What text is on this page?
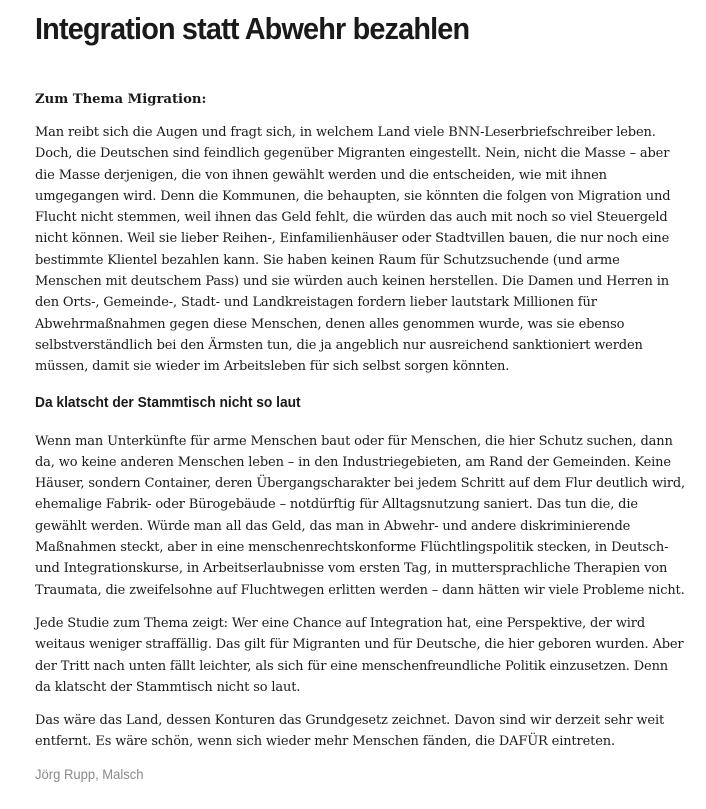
Integration statt Abwehr bezahlen
Zum Thema Migration:
Man reibt sich die Augen und fragt sich, in welchem Land viele BNN-Leserbriefschreiber leben.
Doch, die Deutschen sind feindlich gegenüber Migranten eingestellt. Nein, nicht die Masse – aber
die Masse derjenigen, die von ihnen gewählt werden und die entscheiden, wie mit ihnen
umgegangen wird. Denn die Kommunen, die behaupten, sie könnten die folgen von Migration und
Flucht nicht stemmen, weil ihnen das Geld fehlt, die würden das auch mit noch so viel Steuergeld
nicht können. Weil sie lieber Reihen-, Einfamilienhäuser oder Stadtvillen bauen, die nur noch eine
bestimmte Klientel bezahlen kann. Sie haben keinen Raum für Schutzsuchende (und arme
Menschen mit deutschem Pass) und sie würden auch keinen herstellen. Die Damen und Herren in
den Orts-, Gemeinde-, Stadt- und Landkreistagen fordern lieber lautstark Millionen für
Abwehrmaßnahmen gegen diese Menschen, denen alles genommen wurde, was sie ebenso
selbstverständlich bei den Ärmsten tun, die ja angeblich nur ausreichend sanktioniert werden
müssen, damit sie wieder im Arbeitsleben für sich selbst sorgen könnten.
Da klatscht der Stammtisch nicht so laut
Wenn man Unterkünfte für arme Menschen baut oder für Menschen, die hier Schutz suchen, dann
da, wo keine anderen Menschen leben – in den Industriegebieten, am Rand der Gemeinden. Keine
Häuser, sondern Container, deren Übergangscharakter bei jedem Schritt auf dem Flur deutlich wird,
ehemalige Fabrik- oder Bürogebäude – notdürftig für Alltagsnutzung saniert. Das tun die, die
gewählt werden. Würde man all das Geld, das man in Abwehr- und andere diskriminierende
Maßnahmen steckt, aber in eine menschenrechtskonforme Flüchtlingspolitik stecken, in Deutsch-
und Integrationskurse, in Arbeitserlaubnisse vom ersten Tag, in muttersprachliche Therapien von
Traumata, die zweifelsohne auf Fluchtwegen erlitten werden – dann hätten wir viele Probleme nicht.
Jede Studie zum Thema zeigt: Wer eine Chance auf Integration hat, eine Perspektive, der wird
weitaus weniger straffällig. Das gilt für Migranten und für Deutsche, die hier geboren wurden. Aber
der Tritt nach unten fällt leichter, als sich für eine menschenfreundliche Politik einzusetzen. Denn
da klatscht der Stammtisch nicht so laut.
Das wäre das Land, dessen Konturen das Grundgesetz zeichnet. Davon sind wir derzeit sehr weit
entfernt. Es wäre schön, wenn sich wieder mehr Menschen fänden, die DAFÜR eintreten.
Jörg Rupp, Malsch
